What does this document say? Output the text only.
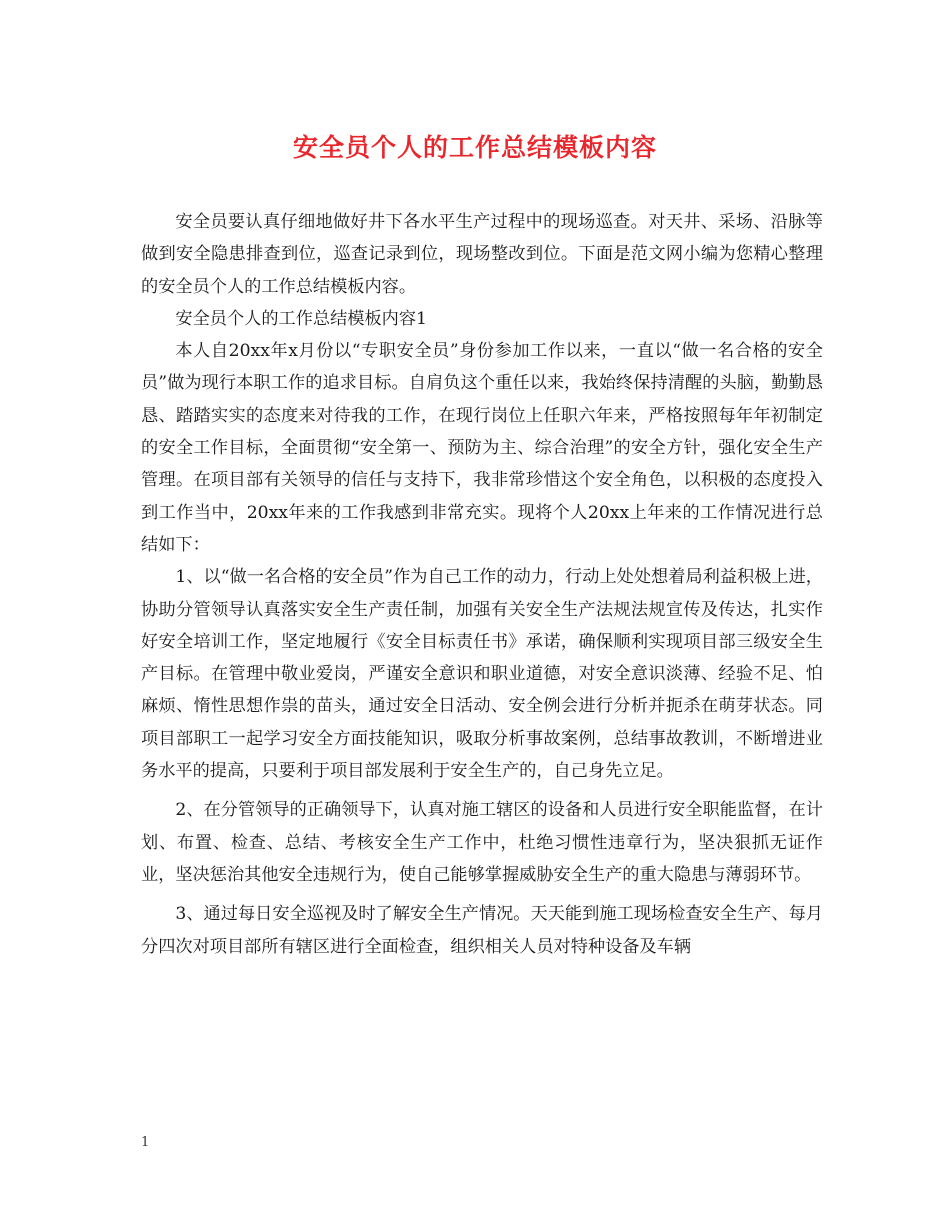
安全员个人的工作总结模板内容

安全员要认真仔细地做好井下各水平生产过程中的现场巡查。对天井、采场、沿脉等做到安全隐患排查到位，巡查记录到位，现场整改到位。下面是范文网小编为您精心整理的安全员个人的工作总结模板内容。

安全员个人的工作总结模板内容1

本人自20xx年x月份以“专职安全员”身份参加工作以来，一直以“做一名合格的安全员”做为现行本职工作的追求目标。自肩负这个重任以来，我始终保持清醒的头脑，勤勤恳恳、踏踏实实的态度来对待我的工作，在现行岗位上任职六年来，严格按照每年年初制定的安全工作目标，全面贯彻“安全第一、预防为主、综合治理”的安全方针，强化安全生产管理。在项目部有关领导的信任与支持下，我非常珍惜这个安全角色，以积极的态度投入到工作当中，20xx年来的工作我感到非常充实。现将个人20xx上年来的工作情况进行总结如下：

1、以“做一名合格的安全员”作为自己工作的动力，行动上处处想着局利益积极上进，协助分管领导认真落实安全生产责任制，加强有关安全生产法规法规宣传及传达，扎实作好安全培训工作，坚定地履行《安全目标责任书》承诺，确保顺利实现项目部三级安全生产目标。在管理中敬业爱岗，严谨安全意识和职业道德，对安全意识淡薄、经验不足、怕麻烦、惰性思想作祟的苗头，通过安全日活动、安全例会进行分析并扼杀在萌芽状态。同项目部职工一起学习安全方面技能知识，吸取分析事故案例，总结事故教训，不断增进业务水平的提高，只要利于项目部发展利于安全生产的，自己身先立足。

2、在分管领导的正确领导下，认真对施工辖区的设备和人员进行安全职能监督，在计划、布置、检查、总结、考核安全生产工作中，杜绝习惯性违章行为，坚决狠抓无证作业，坚决惩治其他安全违规行为，使自己能够掌握威胁安全生产的重大隐患与薄弱环节。

3、通过每日安全巡视及时了解安全生产情况。天天能到施工现场检查安全生产、每月分四次对项目部所有辖区进行全面检查，组织相关人员对特种设备及车辆

1
